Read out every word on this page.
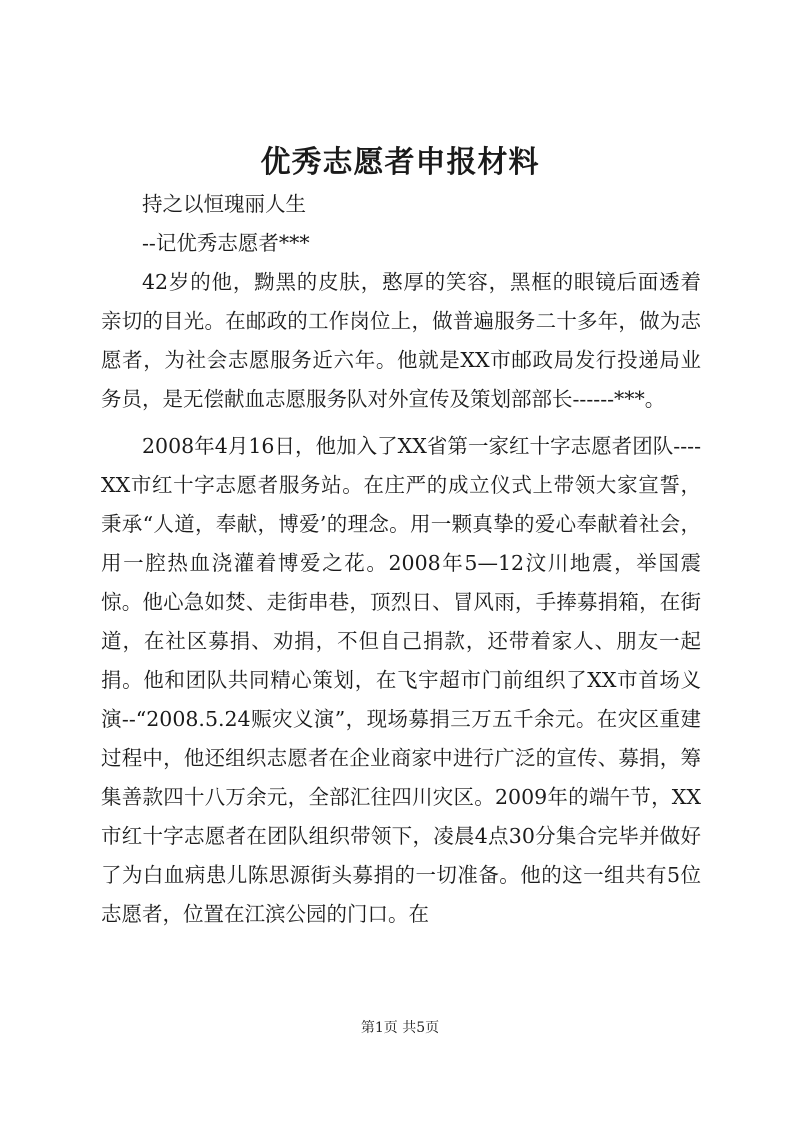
优秀志愿者申报材料

持之以恒瑰丽人生

--记优秀志愿者***

42岁的他，黝黑的皮肤，憨厚的笑容，黑框的眼镜后面透着亲切的目光。在邮政的工作岗位上，做普遍服务二十多年，做为志愿者，为社会志愿服务近六年。他就是XX市邮政局发行投递局业务员，是无偿献血志愿服务队对外宣传及策划部部长------***。

2008年4月16日，他加入了XX省第一家红十字志愿者团队----XX市红十字志愿者服务站。在庄严的成立仪式上带领大家宣誓，秉承“人道，奉献，博爱’的理念。用一颗真挚的爱心奉献着社会，用一腔热血浇灌着博爱之花。2008年5—12汶川地震，举国震惊。他心急如焚、走街串巷，顶烈日、冒风雨，手捧募捐箱，在街道，在社区募捐、劝捐，不但自己捐款，还带着家人、朋友一起捐。他和团队共同精心策划，在飞宇超市门前组织了XX市首场义演--“2008.5.24赈灾义演”，现场募捐三万五千余元。在灾区重建过程中，他还组织志愿者在企业商家中进行广泛的宣传、募捐，筹集善款四十八万余元，全部汇往四川灾区。2009年的端午节，XX市红十字志愿者在团队组织带领下，凌晨4点30分集合完毕并做好了为白血病患儿陈思源街头募捐的一切准备。他的这一组共有5位志愿者，位置在江滨公园的门口。在

第1页 共5页
